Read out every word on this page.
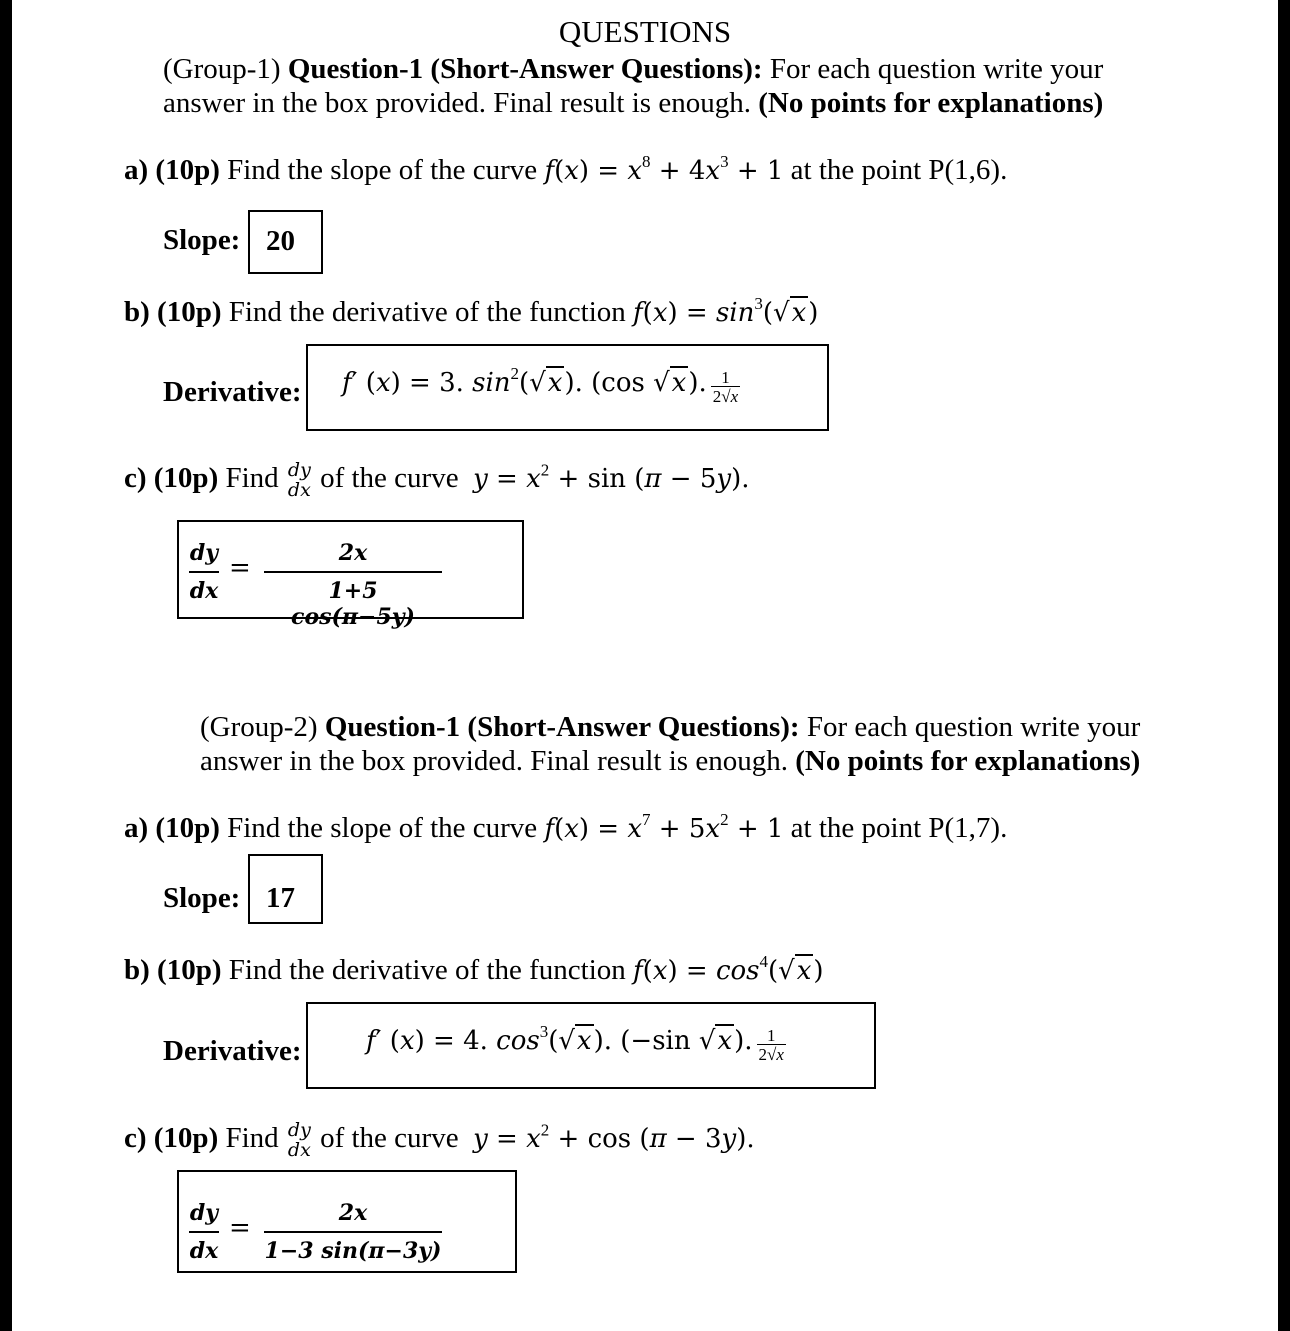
QUESTIONS
(Group-1) Question-1 (Short-Answer Questions): For each question write your answer in the box provided. Final result is enough. (No points for explanations)
a) (10p) Find the slope of the curve $f(x) = x^8 + 4x^3 + 1$ at the point P(1,6).
Slope: 20
b) (10p) Find the derivative of the function $f(x) = \sin^3(√x)$
Derivative: f′ (x) = 3. $\sin^2(√x)$. (cos √x). $\frac{1}{2√x}$
c) (10p) Find dy
dx of the curve $y = x^2 + \sin (\pi - 5y)$.
dy
dx
=	2x
1+5 cos(π−5y)
(Group-2) Question-1 (Short-Answer Questions): For each question write your answer in the box provided. Final result is enough. (No points for explanations)
a) (10p) Find the slope of the curve $f(x) = x^7 + 5x^2 + 1$ at the point P(1,7).
Slope: 17
b) (10p) Find the derivative of the function $f(x) = \cos^4(√x)$
Derivative: f′ (x) = 4. $\cos^3(√x)$. (−sin √x). $\frac{1}{2√x}$
c) (10p) Find dy
dx of the curve $y = x^2 + \cos (\pi - 3y)$.
dy
dx
=	2x
1−3 sin(π−3y)
